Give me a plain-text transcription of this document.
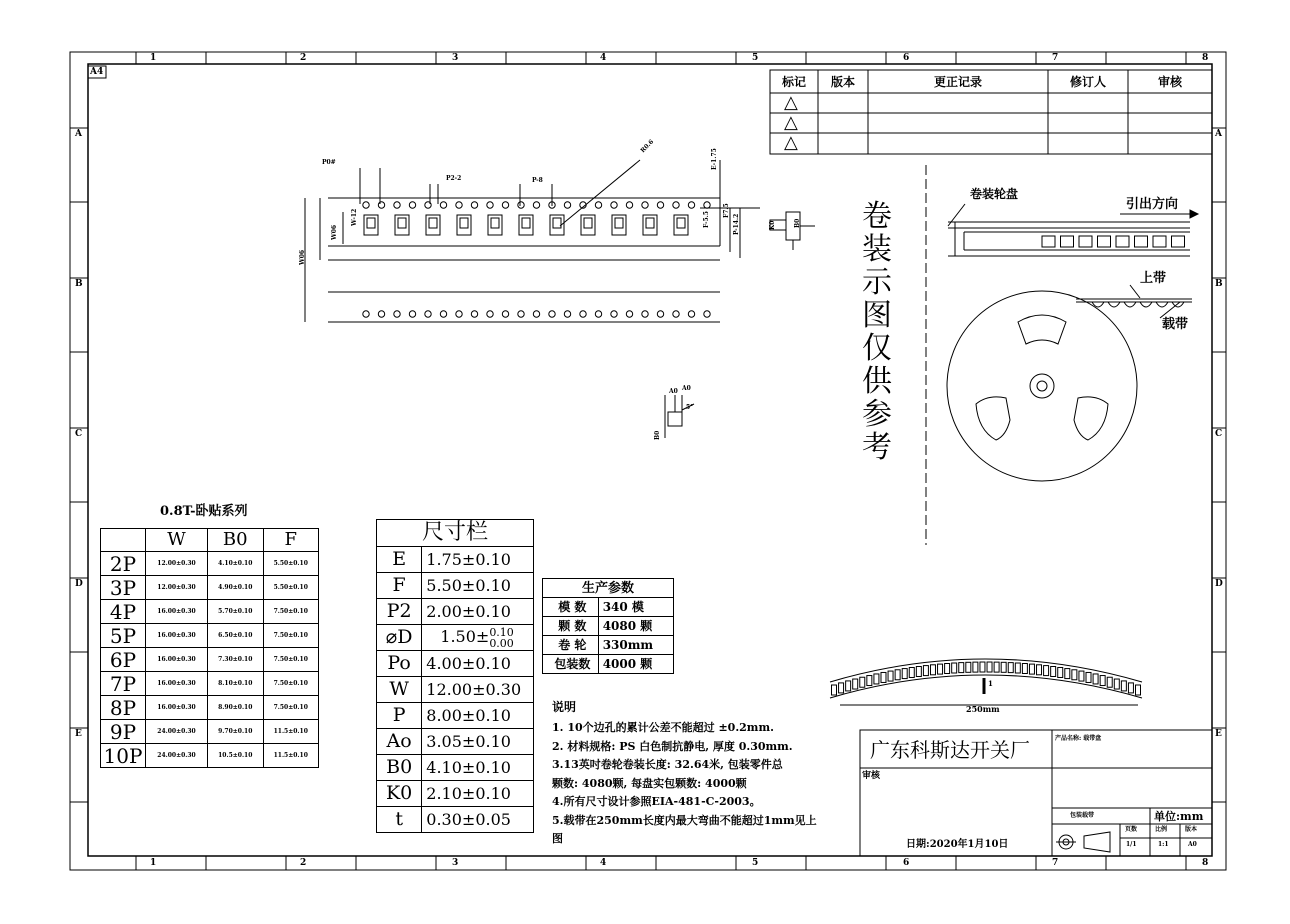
A4
1	2	3	4	5	6	7	8
1	2	3	4	5	6	7	8
A	A
B	B
C	C
D	D
E	E
标记	版本	更正记录	修订人	审核
△
△
△
P0#
P2-2	P-8
R0.6
E-1.75
W-12	B0
W06
F-5.5	P-14.2
F7.5
K0
A0 A0
5°
B0
W06
卷
装
示
图
仅
供
参
考
卷装轮盘
引出方向
上带
载带
0.8T-卧贴系列
	W	B0	F
2P	12.00±0.30	4.10±0.10	5.50±0.10
3P	12.00±0.30	4.90±0.10	5.50±0.10
4P	16.00±0.30	5.70±0.10	7.50±0.10
5P	16.00±0.30	6.50±0.10	7.50±0.10
6P	16.00±0.30	7.30±0.10	7.50±0.10
7P	16.00±0.30	8.10±0.10	7.50±0.10
8P	16.00±0.30	8.90±0.10	7.50±0.10
9P	24.00±0.30	9.70±0.10	11.5±0.10
10P	24.00±0.30	10.5±0.10	11.5±0.10
尺寸栏	
E	1.75±0.10
F	5.50±0.10
P2	2.00±0.10
⌀D	1.50± 0.10
0.00

Po	4.00±0.10
W	12.00±0.30
P	8.00±0.10
Ao	3.05±0.10
B0	4.10±0.10
K0	2.10±0.10
t	0.30±0.05
生产参数	
模 数	340 模
颗 数	4080 颗
卷 轮	330mm
包装数	4000 颗
说明
1. 10个边孔的累计公差不能超过 ±0.2mm.
2. 材料规格: PS 白色制抗静电, 厚度 0.30mm.
3.13英吋卷轮卷装长度: 32.64米, 包装零件总
颗数: 4080颗, 每盘实包颗数: 4000颗
4.所有尺寸设计参照EIA-481-C-2003。
5.载带在250mm长度内最大弯曲不能超过1mm见上
图
250mm
1
广东科斯达开关厂	产品名称: 载带盘
审核
日期:2020年1月10日
包装载带	单位:mm
页数	比例	版本
1/1	1:1	A0
